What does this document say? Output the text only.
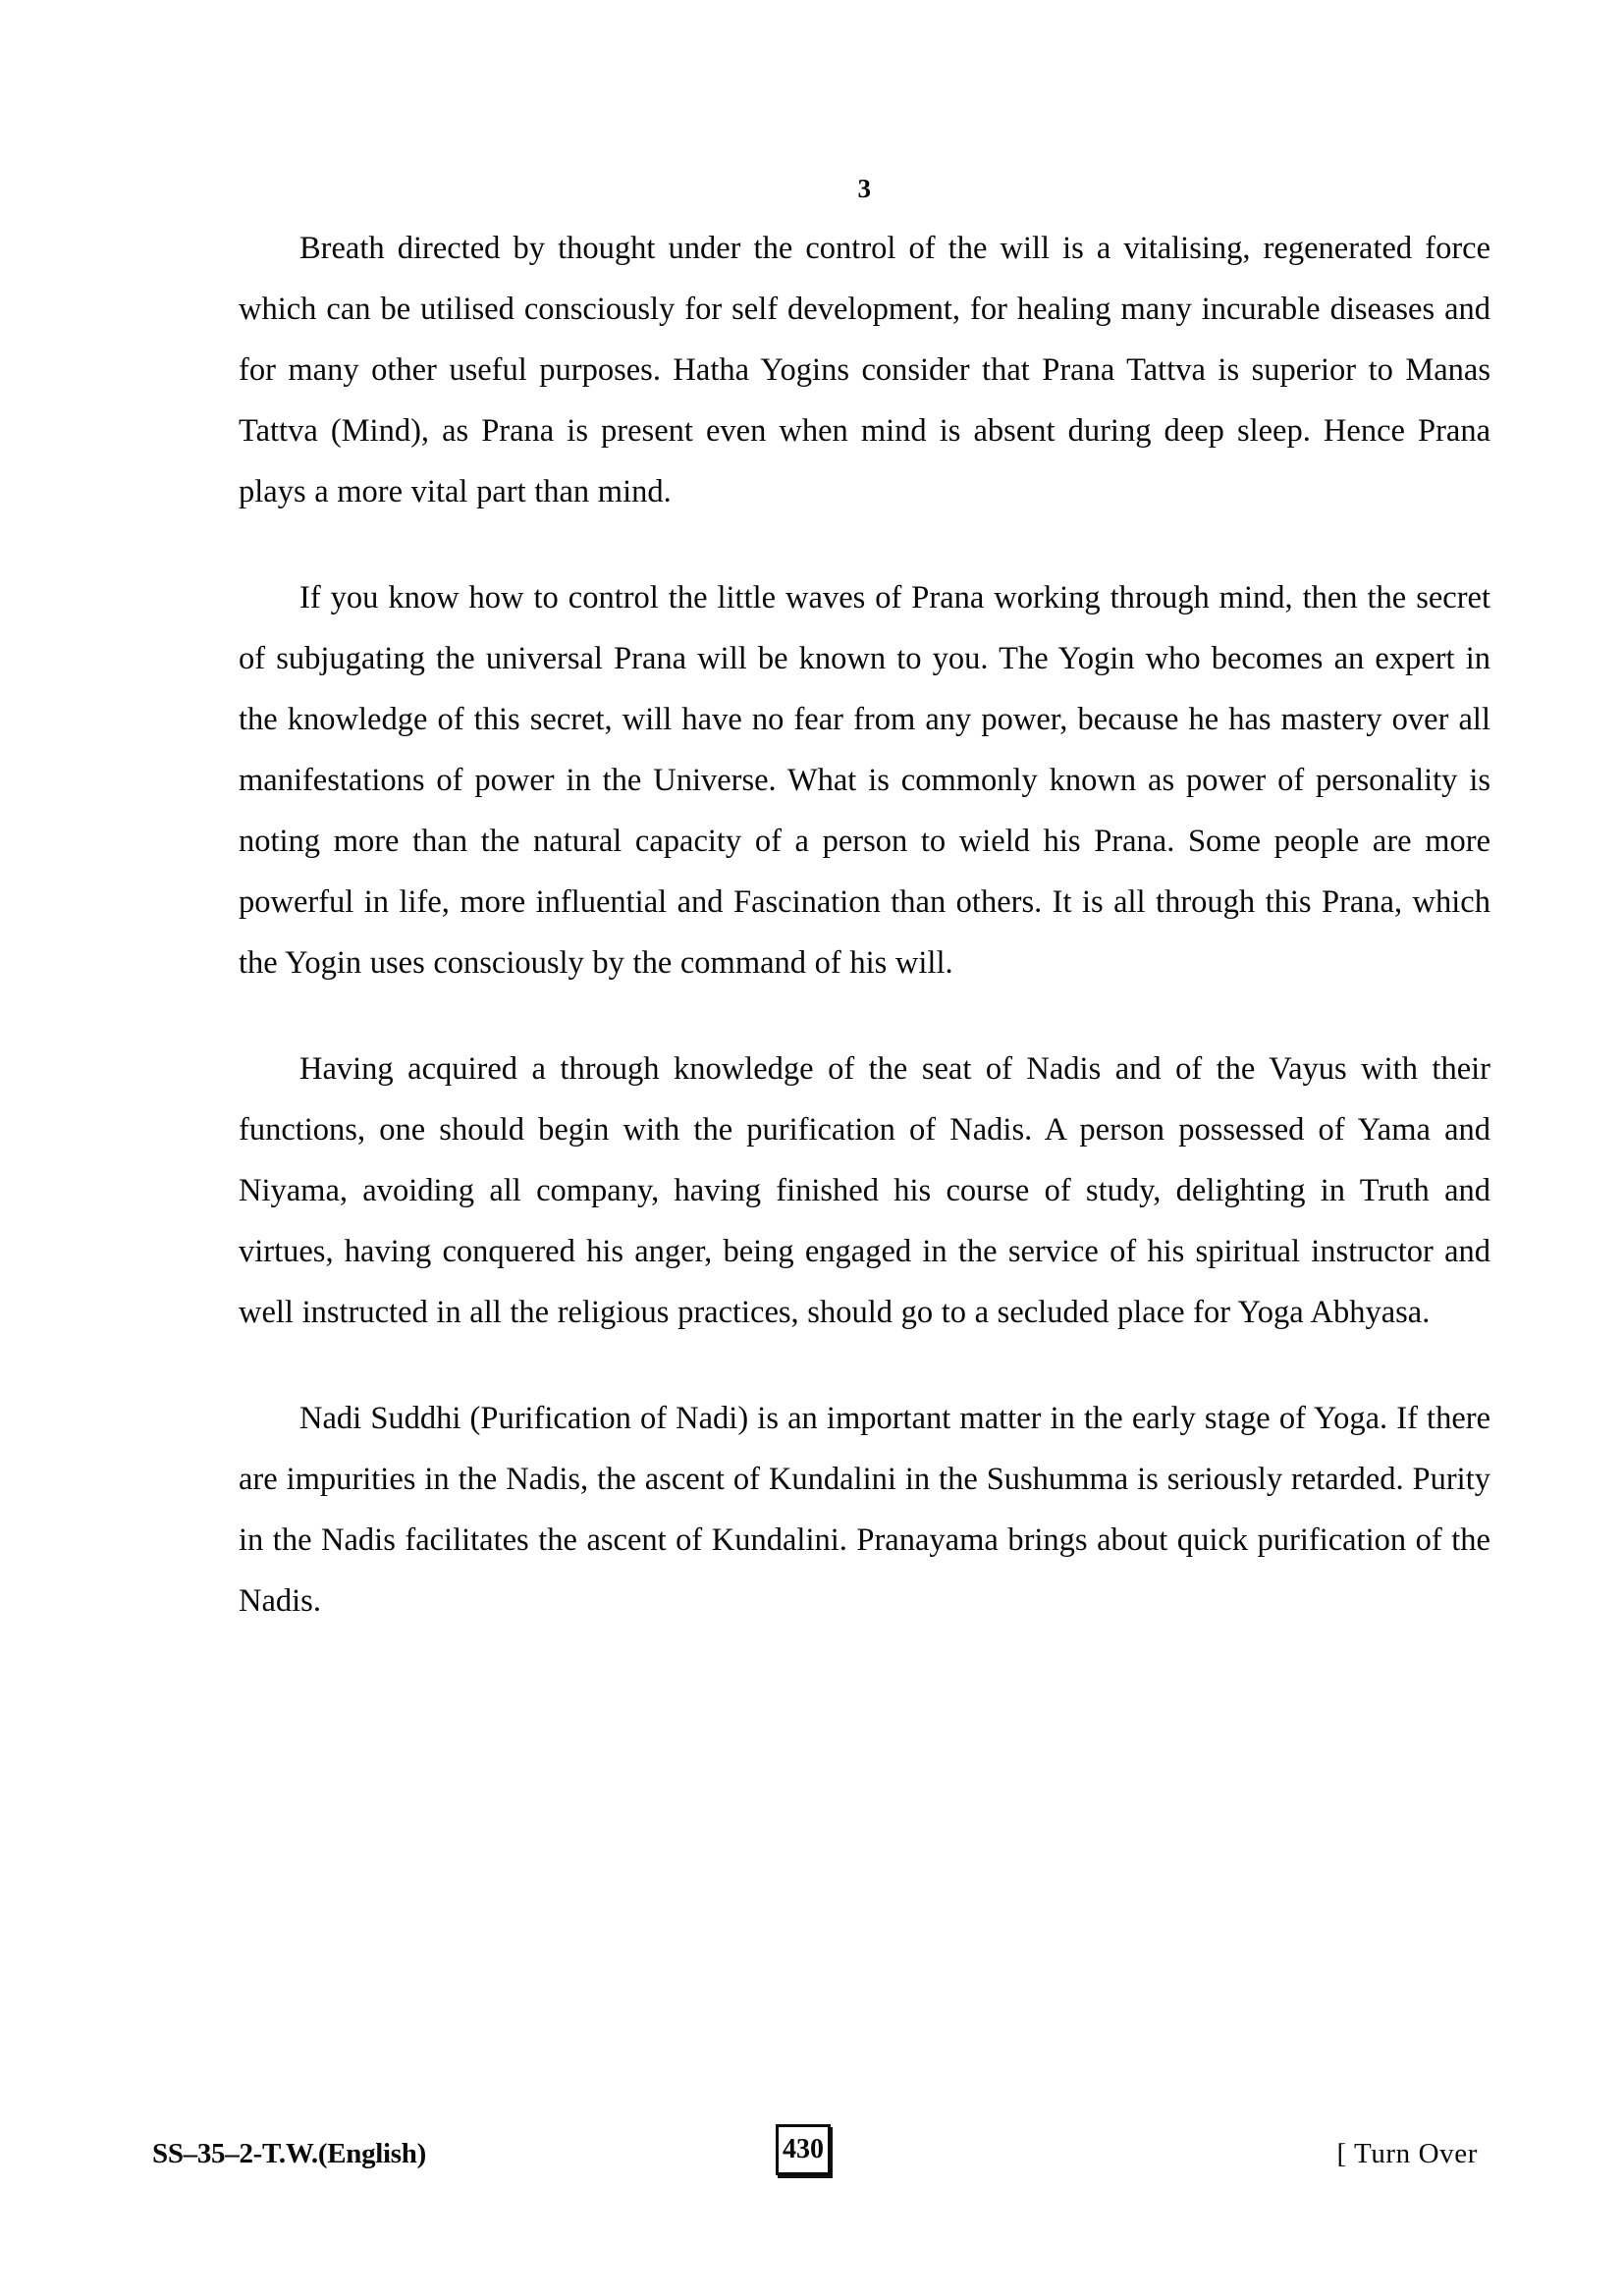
3

Breath directed by thought under the control of the will is a vitalising, regenerated force which can be utilised consciously for self development, for healing many incurable diseases and for many other useful purposes. Hatha Yogins consider that Prana Tattva is superior to Manas Tattva (Mind), as Prana is present even when mind is absent during deep sleep. Hence Prana plays a more vital part than mind.

If you know how to control the little waves of Prana working through mind, then the secret of subjugating the universal Prana will be known to you. The Yogin who becomes an expert in the knowledge of this secret, will have no fear from any power, because he has mastery over all manifestations of power in the Universe. What is commonly known as power of personality is noting more than the natural capacity of a person to wield his Prana. Some people are more powerful in life, more influential and Fascination than others. It is all through this Prana, which the Yogin uses consciously by the command of his will.

Having acquired a through knowledge of the seat of Nadis and of the Vayus with their functions, one should begin with the purification of Nadis. A person possessed of Yama and Niyama, avoiding all company, having finished his course of study, delighting in Truth and virtues, having conquered his anger, being engaged in the service of his spiritual instructor and well instructed in all the religious practices, should go to a secluded place for Yoga Abhyasa.

Nadi Suddhi (Purification of Nadi) is an important matter in the early stage of Yoga. If there are impurities in the Nadis, the ascent of Kundalini in the Sushumma is seriously retarded. Purity in the Nadis facilitates the ascent of Kundalini. Pranayama brings about quick purification of the Nadis.

SS–35–2-T.W.(English)	430	[ Turn Over
